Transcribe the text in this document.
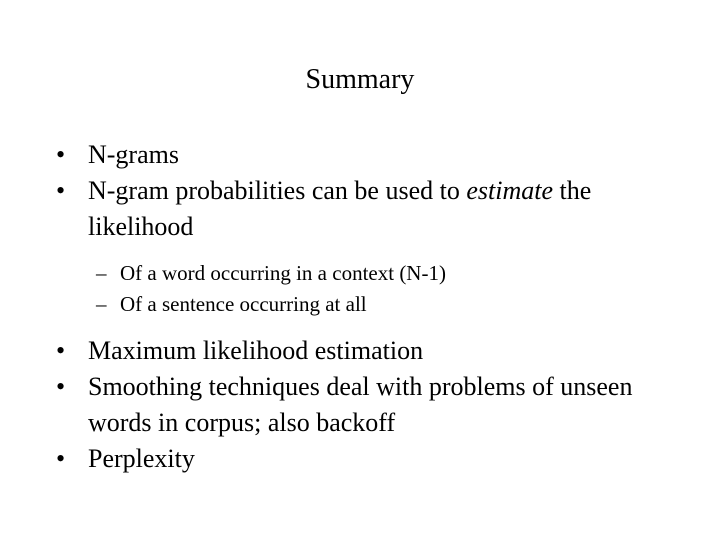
Summary
• N-grams
• N-gram probabilities can be used to estimate the likelihood
– Of a word occurring in a context (N-1)
– Of a sentence occurring at all
• Maximum likelihood estimation
• Smoothing techniques deal with problems of unseen words in corpus; also backoff
• Perplexity
